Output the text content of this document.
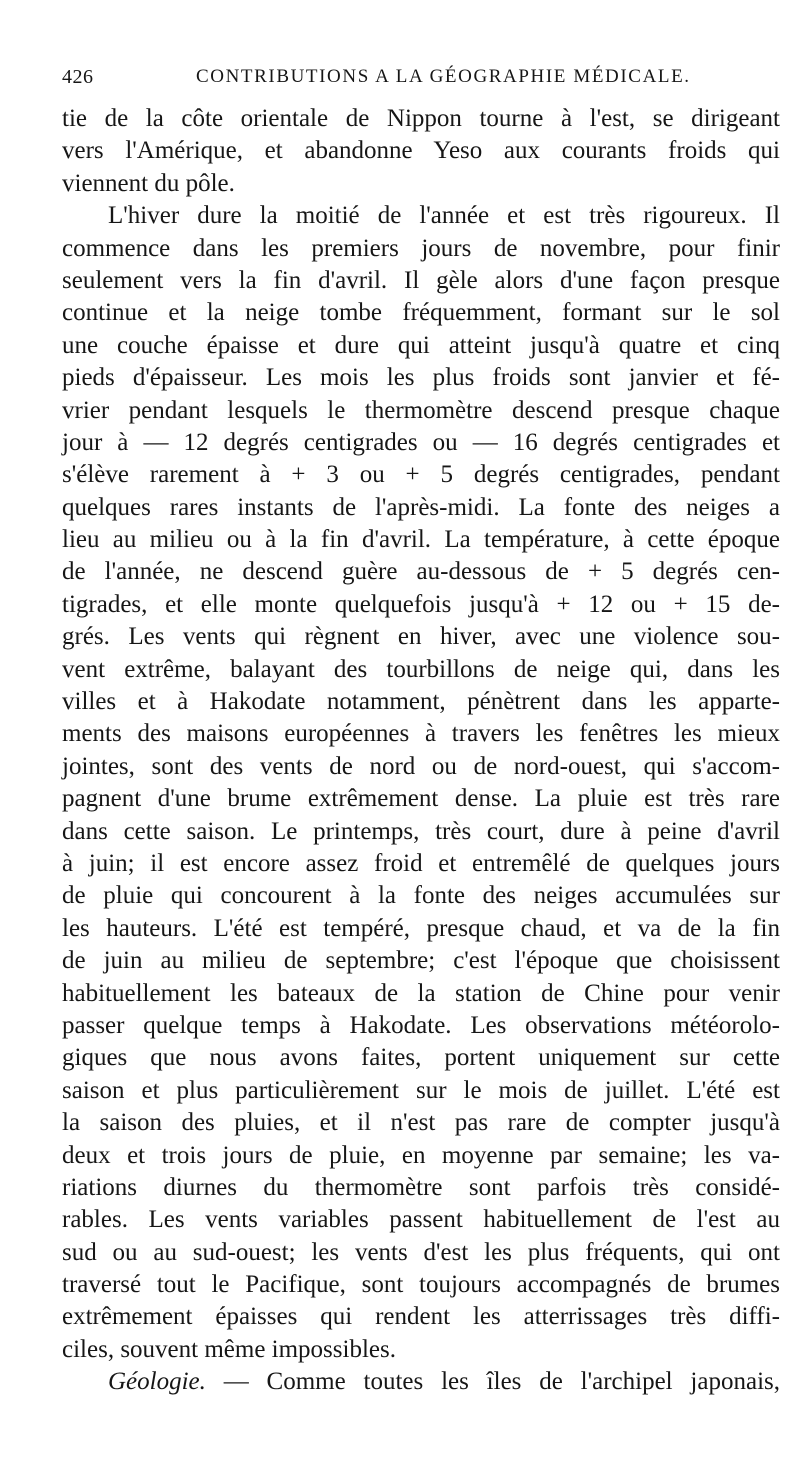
426	CONTRIBUTIONS A LA GÉOGRAPHIE MÉDICALE.
tie de la côte orientale de Nippon tourne à l'est, se dirigeant
vers l'Amérique, et abandonne Yeso aux courants froids qui
viennent du pôle.
L'hiver dure la moitié de l'année et est très rigoureux. Il
commence dans les premiers jours de novembre, pour finir
seulement vers la fin d'avril. Il gèle alors d'une façon presque
continue et la neige tombe fréquemment, formant sur le sol
une couche épaisse et dure qui atteint jusqu'à quatre et cinq
pieds d'épaisseur. Les mois les plus froids sont janvier et fé-
vrier pendant lesquels le thermomètre descend presque chaque
jour à — 12 degrés centigrades ou — 16 degrés centigrades et
s'élève rarement à + 3 ou + 5 degrés centigrades, pendant
quelques rares instants de l'après-midi. La fonte des neiges a
lieu au milieu ou à la fin d'avril. La température, à cette époque
de l'année, ne descend guère au-dessous de + 5 degrés cen-
tigrades, et elle monte quelquefois jusqu'à + 12 ou + 15 de-
grés. Les vents qui règnent en hiver, avec une violence sou-
vent extrême, balayant des tourbillons de neige qui, dans les
villes et à Hakodate notamment, pénètrent dans les apparte-
ments des maisons européennes à travers les fenêtres les mieux
jointes, sont des vents de nord ou de nord-ouest, qui s'accom-
pagnent d'une brume extrêmement dense. La pluie est très rare
dans cette saison. Le printemps, très court, dure à peine d'avril
à juin; il est encore assez froid et entremêlé de quelques jours
de pluie qui concourent à la fonte des neiges accumulées sur
les hauteurs. L'été est tempéré, presque chaud, et va de la fin
de juin au milieu de septembre; c'est l'époque que choisissent
habituellement les bateaux de la station de Chine pour venir
passer quelque temps à Hakodate. Les observations météorolo-
giques que nous avons faites, portent uniquement sur cette
saison et plus particulièrement sur le mois de juillet. L'été est
la saison des pluies, et il n'est pas rare de compter jusqu'à
deux et trois jours de pluie, en moyenne par semaine; les va-
riations diurnes du thermomètre sont parfois très considé-
rables. Les vents variables passent habituellement de l'est au
sud ou au sud-ouest; les vents d'est les plus fréquents, qui ont
traversé tout le Pacifique, sont toujours accompagnés de brumes
extrêmement épaisses qui rendent les atterrissages très diffi-
ciles, souvent même impossibles.
Géologie. — Comme toutes les îles de l'archipel japonais,
